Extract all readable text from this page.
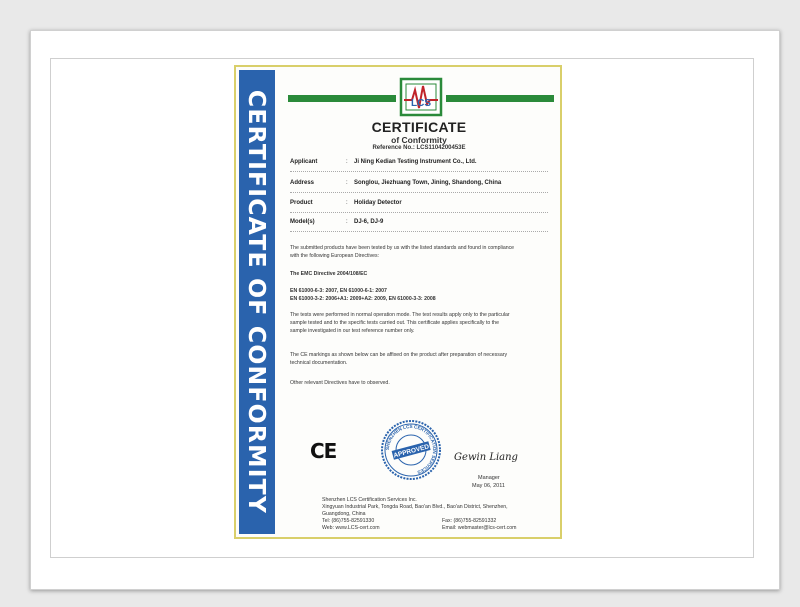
CERTIFICATE OF CONFORMITY	LCS
CERTIFICATE
of Conformity
Reference No.: LCS1104200453E
Applicant	: Ji Ning Kedian Testing Instrument Co., Ltd.
Address	: Songlou, Jiezhuang Town, Jining, Shandong, China
Product	: Holiday Detector
Model(s)	: DJ-6, DJ-9
The submitted products have been tested by us with the listed standards and found in compliance
with the following European Directives:
The EMC Directive 2004/108/EC
EN 61000-6-3: 2007, EN 61000-6-1: 2007
EN 61000-3-2: 2006+A1: 2009+A2: 2009, EN 61000-3-3: 2008
The tests were performed in normal operation mode. The test results apply only to the particular
sample tested and to the specific tests carried out. This certificate applies specifically to the
sample investigated in our test reference number only.
The CE markings as shown below can be affixed on the product after preparation of necessary
technical documentation.
Other relevant Directives have to observed.
CE	SHENZHEN LCS CERTIFICATION SERVICES
APPROVED Gewin Liang
Manager
May 06, 2011
Shenzhen LCS Certification Services Inc.
Xingyuan Industrial Park, Tongda Road, Bao'an Blvd., Bao'an District, Shenzhen,
Guangdong, China
Tel: (86)755-82591330	Fax: (86)755-82591332
Web: www.LCS-cert.com	Email: webmaster@lcs-cert.com
